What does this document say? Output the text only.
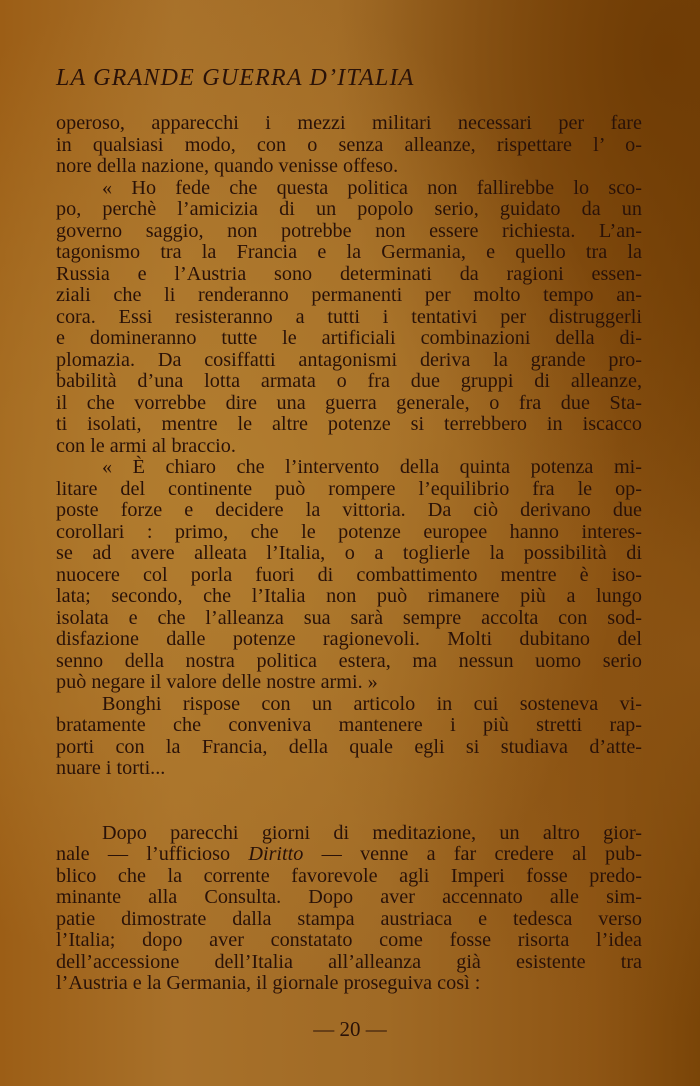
LA GRANDE GUERRA D’ITALIA
operoso, apparecchi i mezzi militari necessari per fare
in qualsiasi modo, con o senza alleanze, rispettare l’ o-
nore della nazione, quando venisse offeso.
« Ho fede che questa politica non fallirebbe lo sco-
po, perchè l’amicizia di un popolo serio, guidato da un
governo saggio, non potrebbe non essere richiesta. L’an-
tagonismo tra la Francia e la Germania, e quello tra la
Russia e l’Austria sono determinati da ragioni essen-
ziali che li renderanno permanenti per molto tempo an-
cora. Essi resisteranno a tutti i tentativi per distruggerli
e domineranno tutte le artificiali combinazioni della di-
plomazia. Da cosiffatti antagonismi deriva la grande pro-
babilità d’una lotta armata o fra due gruppi di alleanze,
il che vorrebbe dire una guerra generale, o fra due Sta-
ti isolati, mentre le altre potenze si terrebbero in iscacco
con le armi al braccio.
« È chiaro che l’intervento della quinta potenza mi-
litare del continente può rompere l’equilibrio fra le op-
poste forze e decidere la vittoria. Da ciò derivano due
corollari : primo, che le potenze europee hanno interes-
se ad avere alleata l’Italia, o a toglierle la possibilità di
nuocere col porla fuori di combattimento mentre è iso-
lata; secondo, che l’Italia non può rimanere più a lungo
isolata e che l’alleanza sua sarà sempre accolta con sod-
disfazione dalle potenze ragionevoli. Molti dubitano del
senno della nostra politica estera, ma nessun uomo serio
può negare il valore delle nostre armi. »
Bonghi rispose con un articolo in cui sosteneva vi-
bratamente che conveniva mantenere i più stretti rap-
porti con la Francia, della quale egli si studiava d’atte-
nuare i torti...
Dopo parecchi giorni di meditazione, un altro gior-
nale — l’ufficioso Diritto — venne a far credere al pub-
blico che la corrente favorevole agli Imperi fosse predo-
minante alla Consulta. Dopo aver accennato alle sim-
patie dimostrate dalla stampa austriaca e tedesca verso
l’Italia; dopo aver constatato come fosse risorta l’idea
dell’accessione dell’Italia all’alleanza già esistente tra
l’Austria e la Germania, il giornale proseguiva così :
— 20 —
